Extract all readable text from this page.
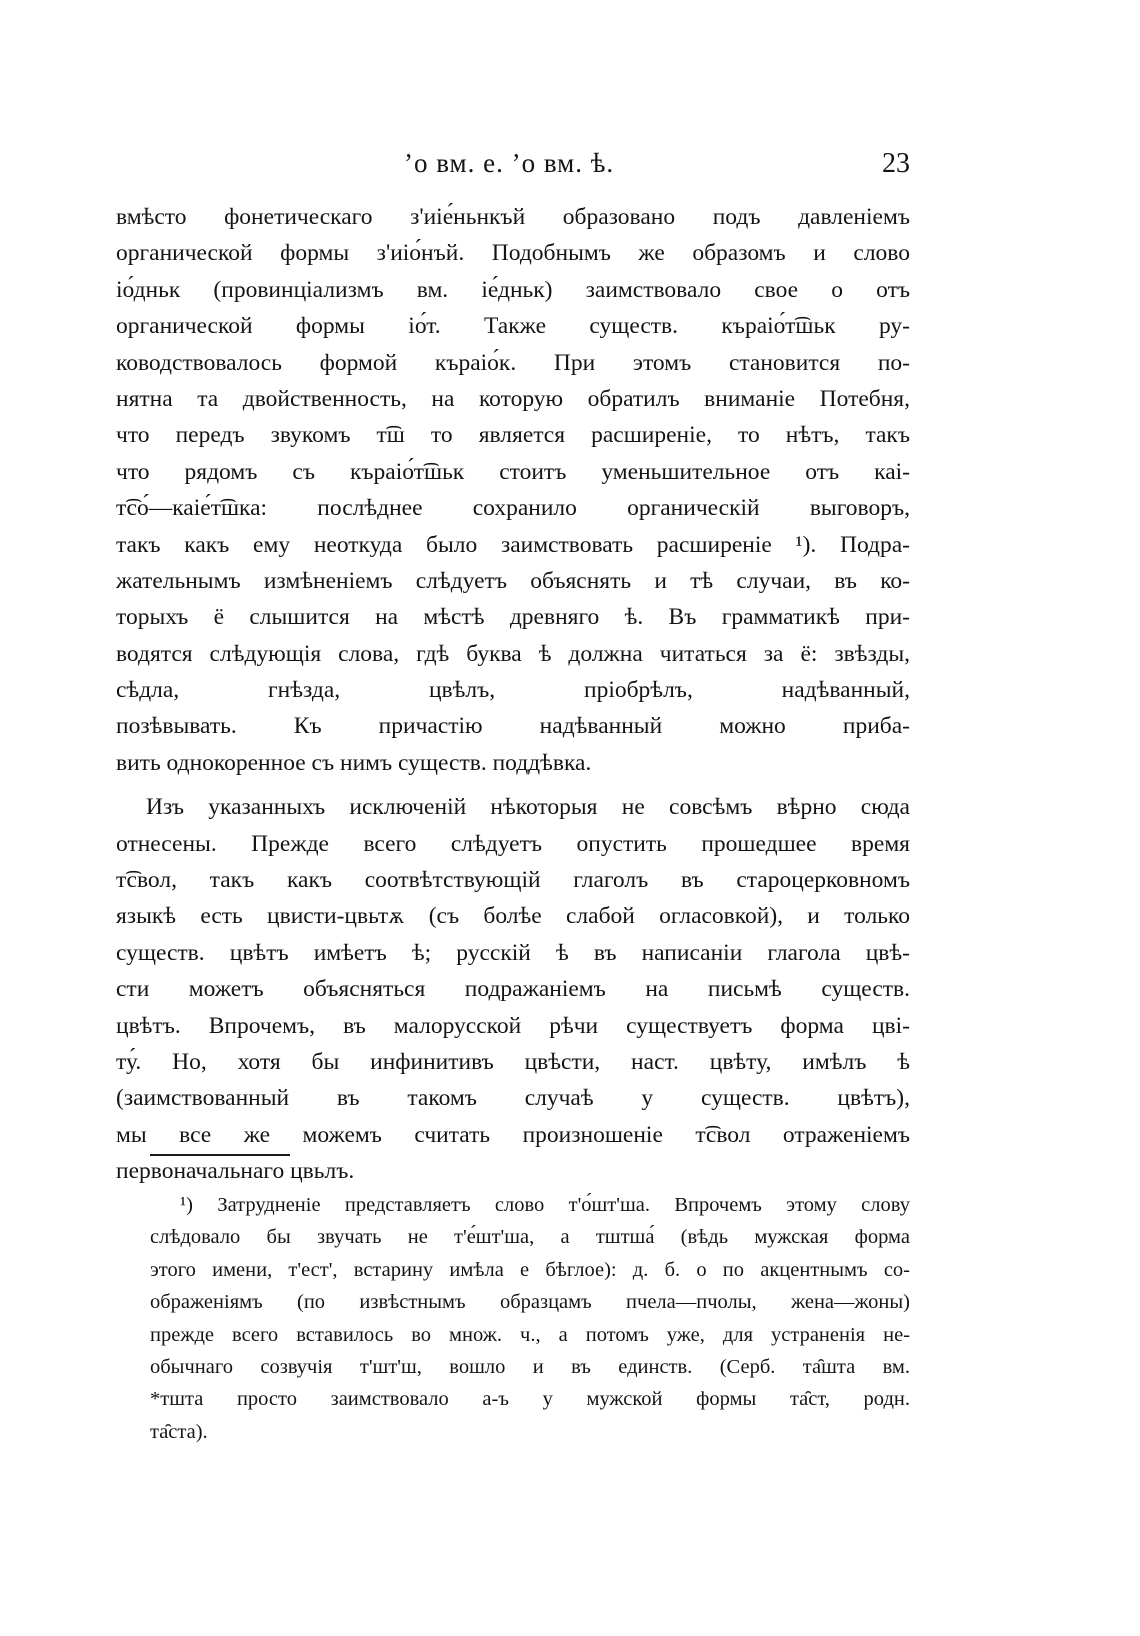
’о вм. е. ’о вм. ѣ.	23
вмѣсто фонетическаго з'иіе́ньнкъй образовано подъ давленіемъ
органической формы з'иіо́нъй. Подобнымъ же образомъ и слово
іо́дньк (провинціализмъ вм. іе́дньк) заимствовало свое о отъ
органической формы іо́т. Также существ. къраіо́т͡шьк ру-
ководствовалось формой къраіо́к. При этомъ становится по-
нятна та двойственность, на которую обратилъ вниманіе Потебня,
что передъ звукомъ т͡ш то является расширеніе, то нѣтъ, такъ
что рядомъ съ къраіо́т͡шьк стоитъ уменьшительное отъ каі-
т͡со́—каіе́т͡шка: послѣднее сохранило органическій выговоръ,
такъ какъ ему неоткуда было заимствовать расширеніе ¹). Подра-
жательнымъ измѣненіемъ слѣдуетъ объяснять и тѣ случаи, въ ко-
торыхъ ё слышится на мѣстѣ древняго ѣ. Въ грамматикѣ при-
водятся слѣдующія слова, гдѣ буква ѣ должна читаться за ё: звѣзды,
сѣдла, гнѣзда, цвѣлъ, пріобрѣлъ, надѣванный,
позѣвывать. Къ причастію надѣванный можно прибa-
вить однокоренное съ нимъ существ. поддѣвка.
Изъ указанныхъ исключеній нѣкоторыя не совсѣмъ вѣрно сюда
отнесены. Прежде всего слѣдуетъ опустить прошедшее время
т͡свол, такъ какъ соотвѣтствующій глаголъ въ староцерковномъ
языкѣ есть цвисти-цвьтѫ (съ болѣе слабой огласовкой), и только
существ. цвѣтъ имѣетъ ѣ; русскій ѣ въ написаніи глагола цвѣ-
сти можетъ объясняться подражаніемъ на письмѣ существ.
цвѣтъ. Впрочемъ, въ малорусской рѣчи существуетъ форма цві-
ту́. Но, хотя бы инфинитивъ цвѣсти, наст. цвѣту, имѣлъ ѣ
(заимствованный въ такомъ случаѣ у существ. цвѣтъ),
мы все же можемъ считать произношеніе т͡свол отраженіемъ
первоначальнаго цвьлъ.
¹) Затрудненіе представляетъ слово т'о́шт'ша. Впрочемъ этому слову
слѣдовало бы звучать не т'е́шт'ша, а тштша́ (вѣдь мужская форма
этого имени, т'ест', встарину имѣла е бѣглое): д. б. о по акцентнымъ со-
ображеніямъ (по извѣстнымъ образцамъ пчела—пчолы, жена—жоны)
прежде всего вставилось во множ. ч., а потомъ уже, для устраненія не-
обычнаго созвучія т'шт'ш, вошло и въ единств. (Серб. та̑шта вм.
*тшта просто заимствовало а-ъ у мужской формы та̑ст, родн.
та̑ста).
